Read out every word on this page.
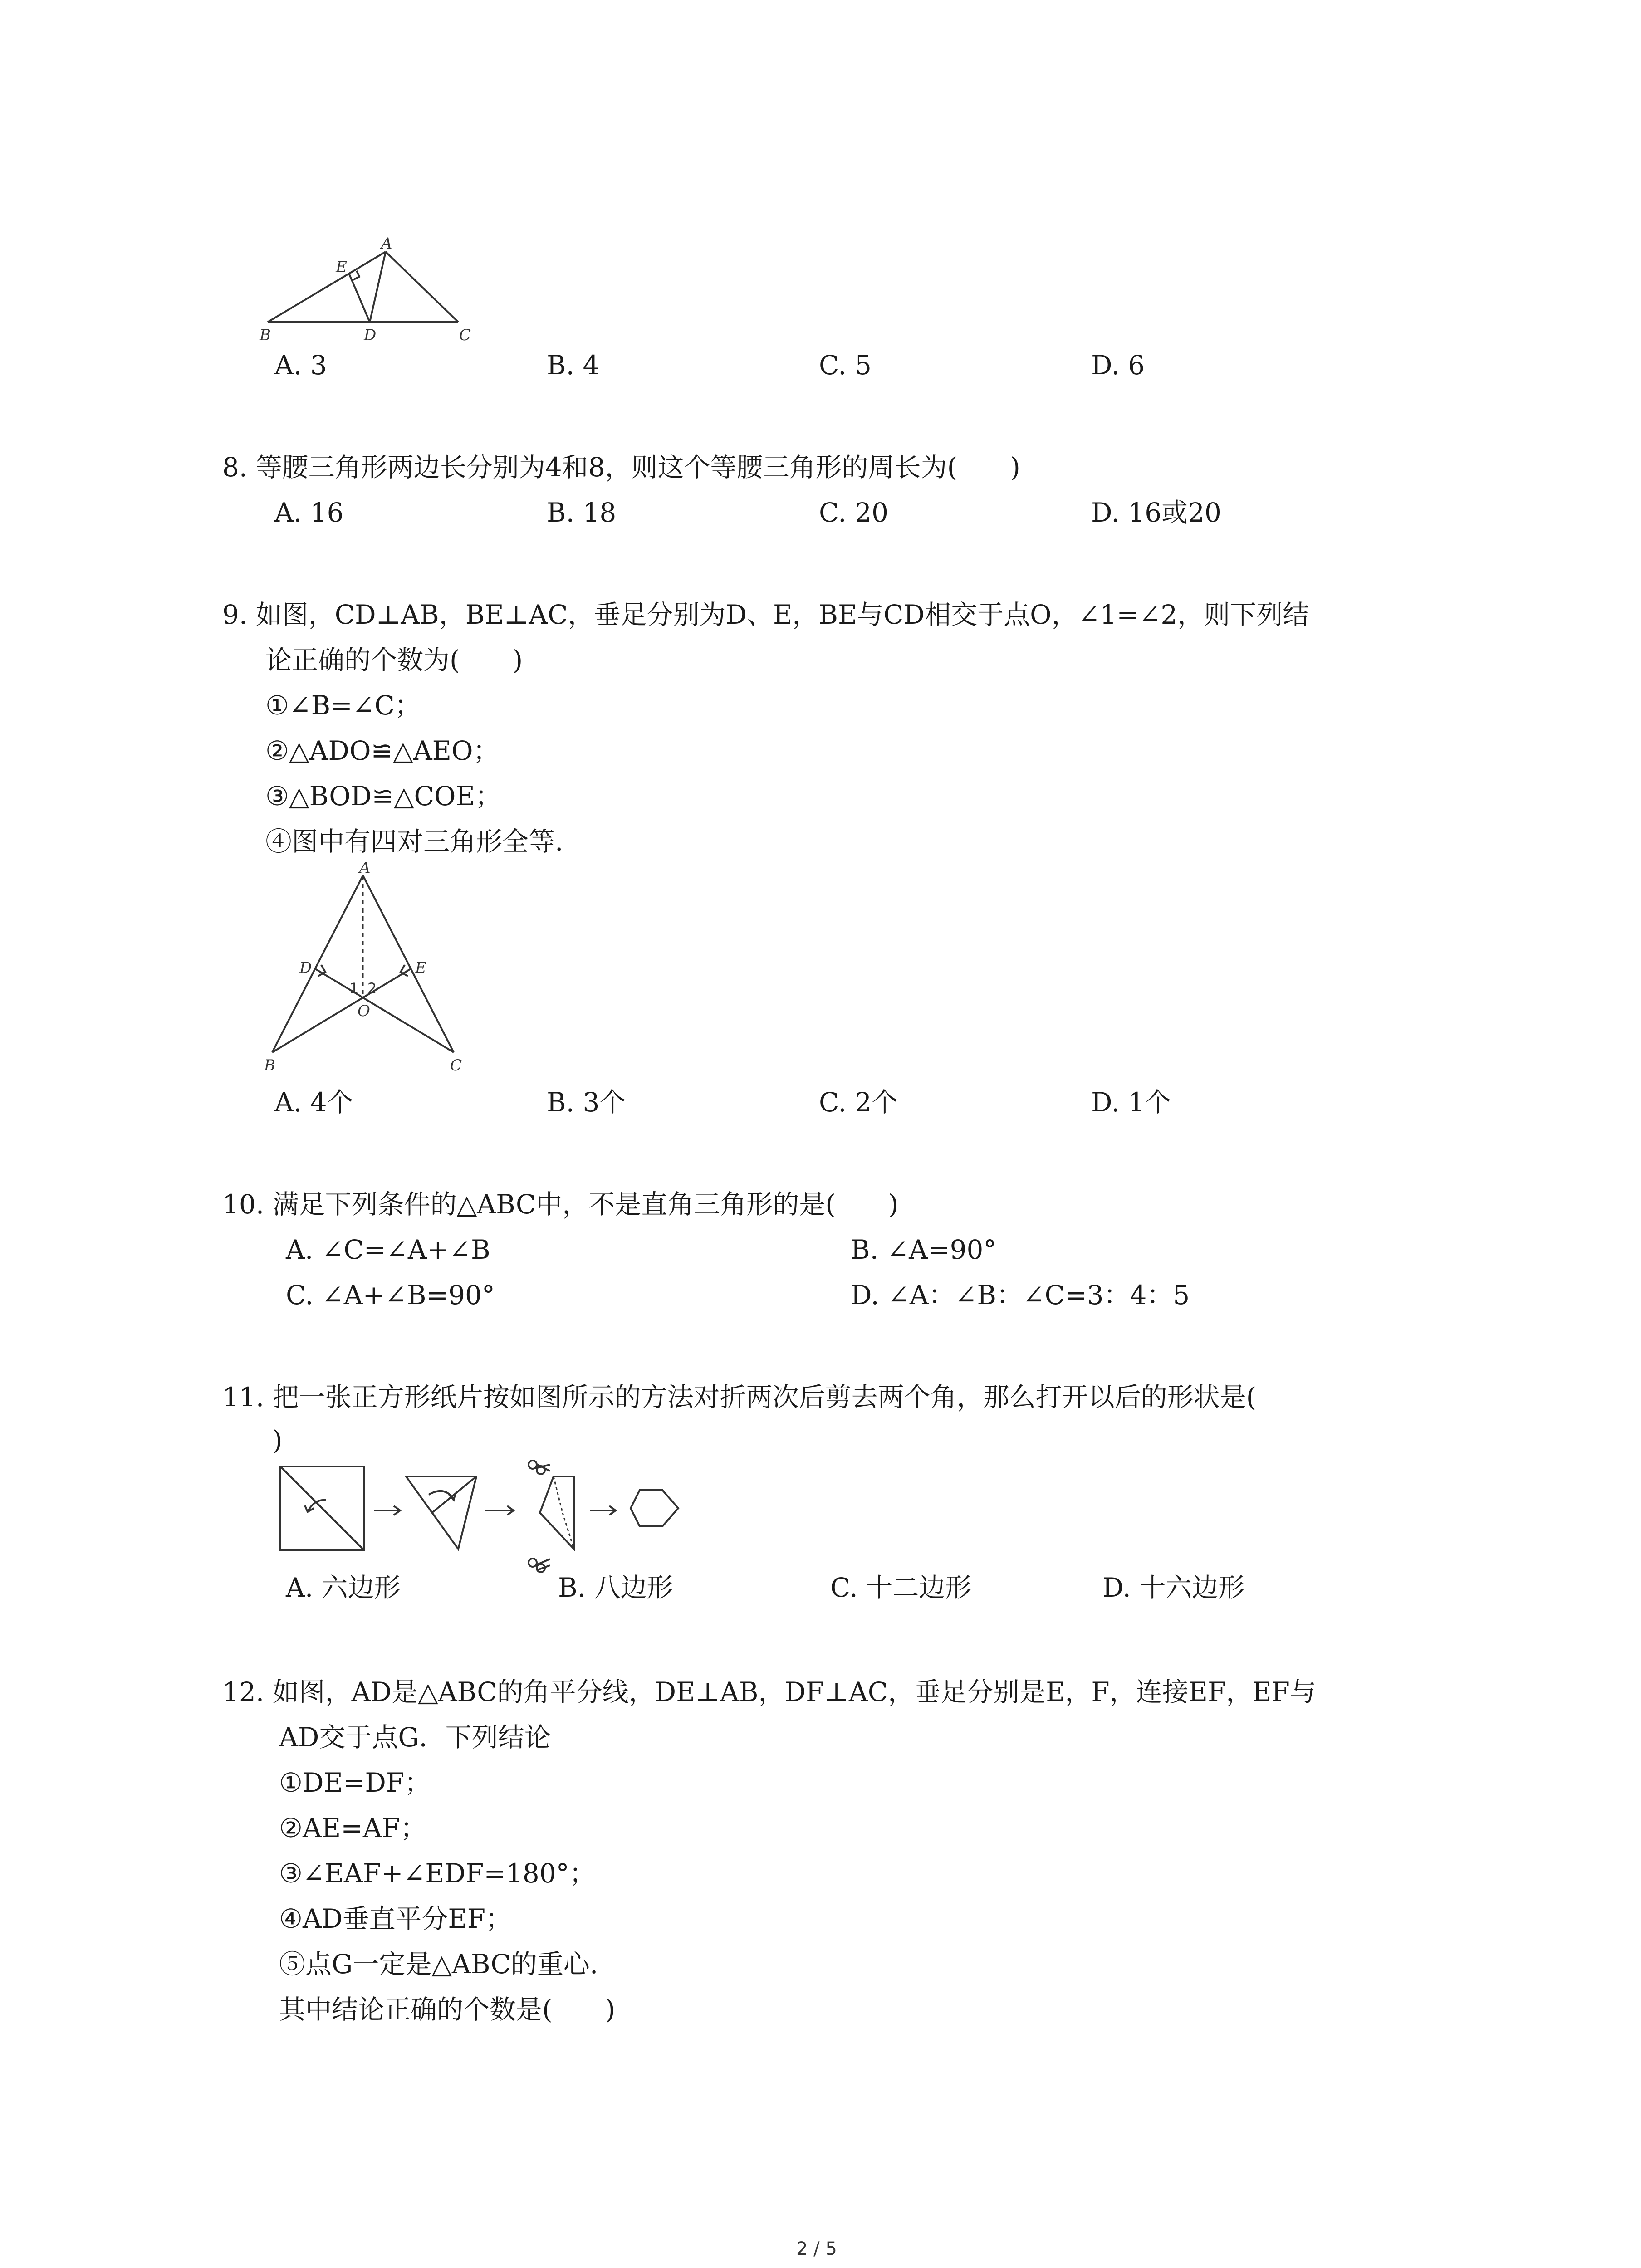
A
E
B	D	C
A. 3	B. 4	C. 5	D. 6
8. 等腰三角形两边长分别为4和8，则这个等腰三角形的周长为(　　)
A. 16	B. 18	C. 20	D. 16或20
9. 如图，CD⊥AB，BE⊥AC，垂足分别为D、E，BE与CD相交于点O，∠1=∠2，则下列结
论正确的个数为(　　)
①∠B=∠C；
②△ADO≌△AEO；
③△BOD≌△COE；
④图中有四对三角形全等.
A
D	E
1 2
O
B	C
A. 4个	B. 3个	C. 2个	D. 1个
10. 满足下列条件的△ABC中，不是直角三角形的是(　　)
A. ∠C=∠A+∠B	B. ∠A=90°
C. ∠A+∠B=90°	D. ∠A：∠B：∠C=3：4：5
11. 把一张正方形纸片按如图所示的方法对折两次后剪去两个角，那么打开以后的形状是(
)
A. 六边形	B. 八边形	C. 十二边形	D. 十六边形
12. 如图，AD是△ABC的角平分线，DE⊥AB，DF⊥AC，垂足分别是E，F，连接EF，EF与
AD交于点G．下列结论
①DE=DF；
②AE=AF；
③∠EAF+∠EDF=180°；
④AD垂直平分EF；
⑤点G一定是△ABC的重心.
其中结论正确的个数是(　　)
2 / 5
